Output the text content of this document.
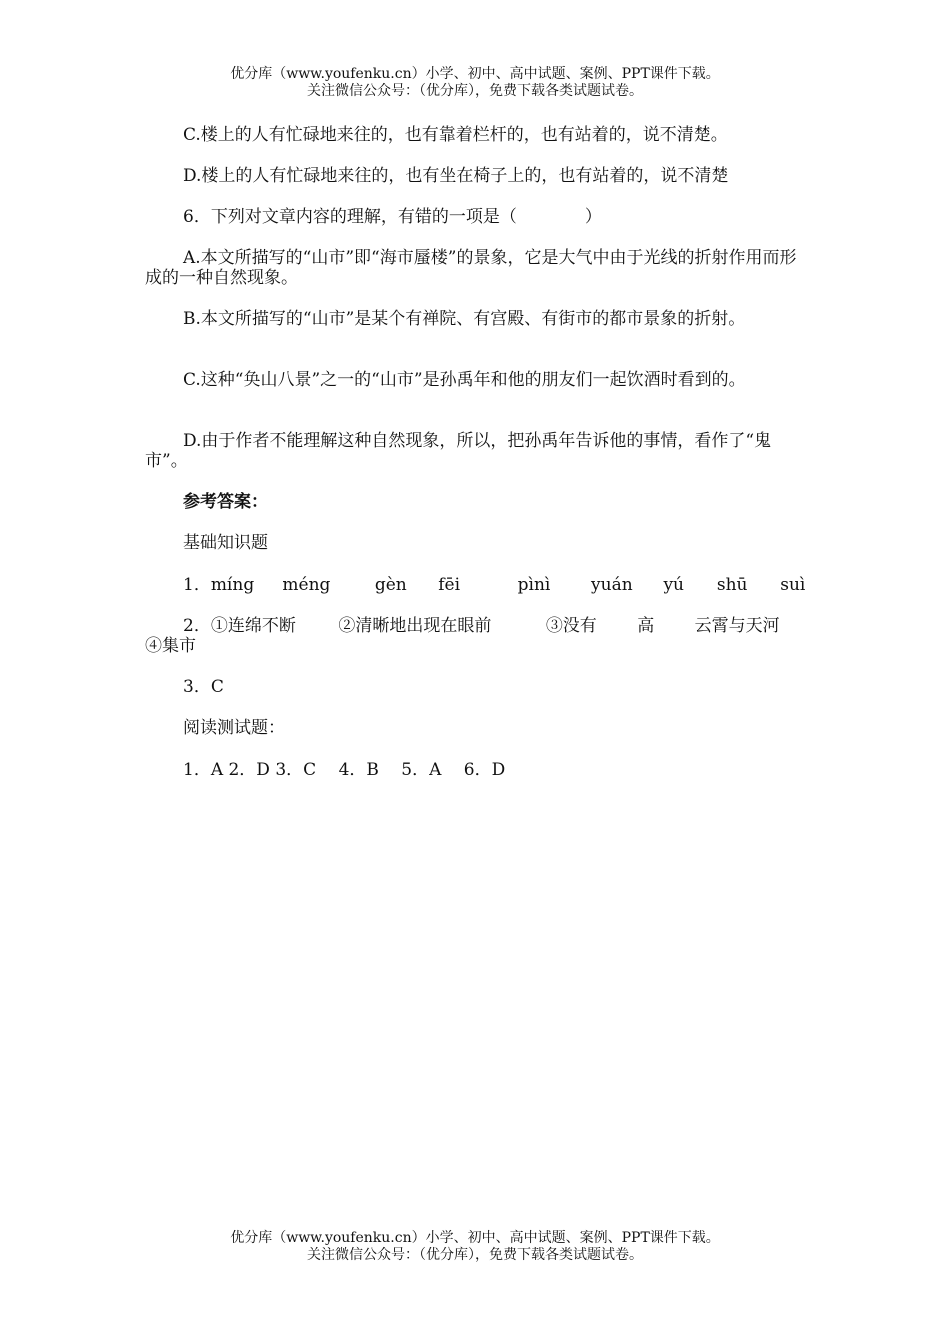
优分库（www.youfenku.cn）小学、初中、高中试题、案例、PPT课件下载。
关注微信公众号：（优分库），免费下载各类试题试卷。
C.楼上的人有忙碌地来往的，也有靠着栏杆的，也有站着的，说不清楚。
D.楼上的人有忙碌地来往的，也有坐在椅子上的，也有站着的，说不清楚
6．下列对文章内容的理解，有错的一项是（　　　　）
A.本文所描写的“山市”即“海市蜃楼”的景象，它是大气中由于光线的折射作用而形成的一种自然现象。
B.本文所描写的“山市”是某个有禅院、有宫殿、有街市的都市景象的折射。
C.这种“奂山八景”之一的“山市”是孙禹年和他的朋友们一起饮酒时看到的。
D.由于作者不能理解这种自然现象，所以，把孙禹年告诉他的事情，看作了“鬼市”。
参考答案：
基础知识题
1．míng méng	gèn fēi	pìnì yuán yú shū suì
2．①连绵不断	②清晰地出现在眼前	③没有 高 云霄与天河
④集市
3．C
阅读测试题：
1．A 2．D 3．C　 4．B　 5．A　 6．D
优分库（www.youfenku.cn）小学、初中、高中试题、案例、PPT课件下载。
关注微信公众号：（优分库），免费下载各类试题试卷。
